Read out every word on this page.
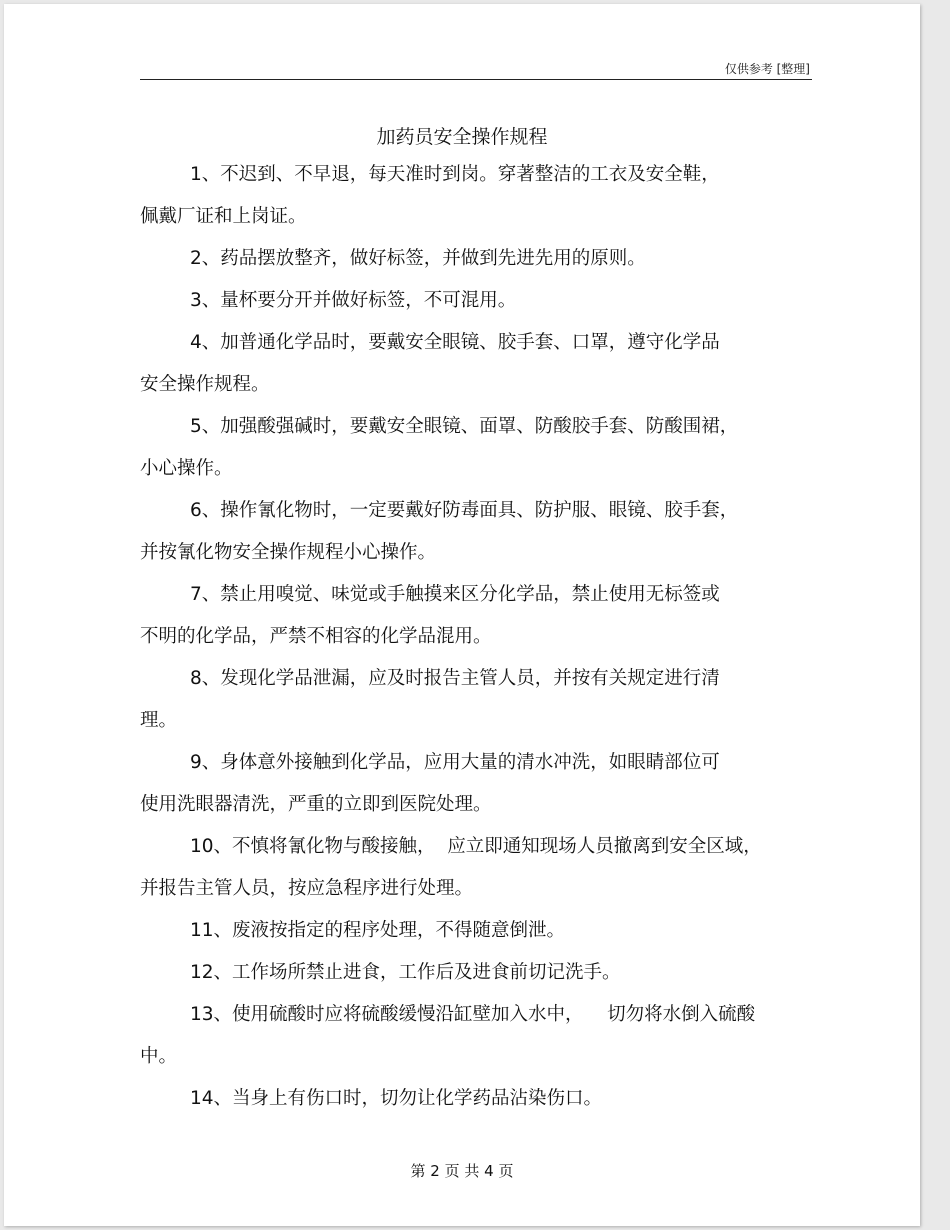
仅供参考 [整理]
加药员安全操作规程
1、不迟到、不早退，每天准时到岗。穿著整洁的工衣及安全鞋，
佩戴厂证和上岗证。
2、药品摆放整齐，做好标签，并做到先进先用的原则。
3、量杯要分开并做好标签，不可混用。
4、加普通化学品时，要戴安全眼镜、胶手套、口罩，遵守化学品
安全操作规程。
5、加强酸强碱时，要戴安全眼镜、面罩、防酸胶手套、防酸围裙，
小心操作。
6、操作氰化物时，一定要戴好防毒面具、防护服、眼镜、胶手套，
并按氰化物安全操作规程小心操作。
7、禁止用嗅觉、味觉或手触摸来区分化学品，禁止使用无标签或
不明的化学品，严禁不相容的化学品混用。
8、发现化学品泄漏，应及时报告主管人员，并按有关规定进行清
理。
9、身体意外接触到化学品，应用大量的清水冲洗，如眼睛部位可
使用洗眼器清洗，严重的立即到医院处理。
10、不慎将氰化物与酸接触，  应立即通知现场人员撤离到安全区域，
并报告主管人员，按应急程序进行处理。
11、废液按指定的程序处理，不得随意倒泄。
12、工作场所禁止进食，工作后及进食前切记洗手。
13、使用硫酸时应将硫酸缓慢沿缸壁加入水中，    切勿将水倒入硫酸
中。
14、当身上有伤口时，切勿让化学药品沾染伤口。
第 2 页 共 4 页
